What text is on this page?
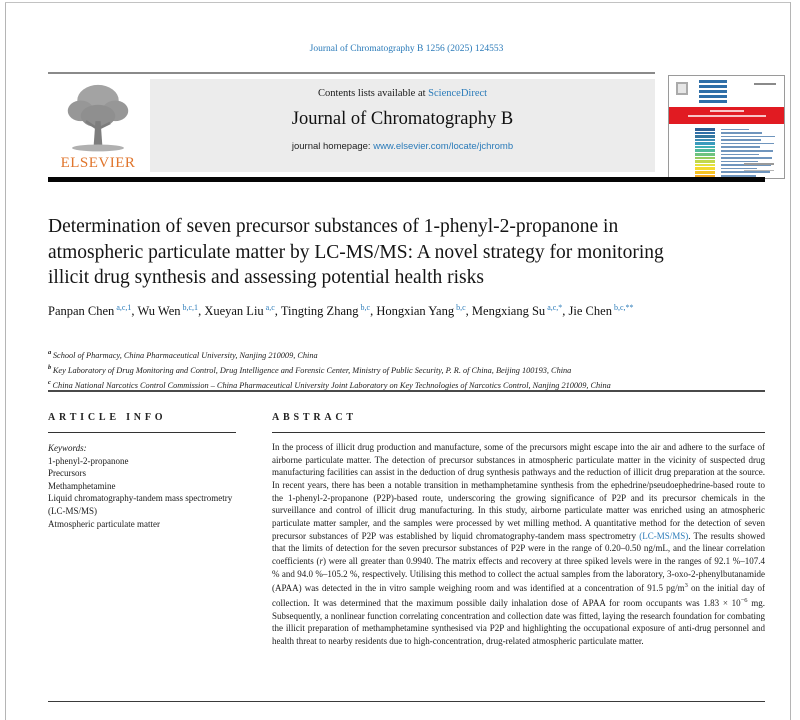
Journal of Chromatography B 1256 (2025) 124553
ELSEVIER
Contents lists available at ScienceDirect
Journal of Chromatography B
journal homepage: www.elsevier.com/locate/jchromb
Determination of seven precursor substances of 1-phenyl-2-propanone in atmospheric particulate matter by LC-MS/MS: A novel strategy for monitoring illicit drug synthesis and assessing potential health risks
Panpan Chen $^{a,c,1}$, Wu Wen $^{b,c,1}$, Xueyan Liu $^{a,c}$, Tingting Zhang $^{b,c}$, Hongxian Yang $^{b,c}$, Mengxiang Su $^{a,c,*}$, Jie Chen $^{b,c,**}$
$^a$ School of Pharmacy, China Pharmaceutical University, Nanjing 210009, China
$^b$ Key Laboratory of Drug Monitoring and Control, Drug Intelligence and Forensic Center, Ministry of Public Security, P. R. of China, Beijing 100193, China
$^c$ China National Narcotics Control Commission – China Pharmaceutical University Joint Laboratory on Key Technologies of Narcotics Control, Nanjing 210009, China
ARTICLE INFO
Keywords:
1-phenyl-2-propanone
Precursors
Methamphetamine
Liquid chromatography-tandem mass spectrometry (LC-MS/MS)
Atmospheric particulate matter
ABSTRACT
In the process of illicit drug production and manufacture, some of the precursors might escape into the air and adhere to the surface of airborne particulate matter. The detection of precursor substances in atmospheric particulate matter in the vicinity of suspected drug manufacturing facilities can assist in the deduction of drug synthesis pathways and the reduction of illicit drug preparation at the source. In recent years, there has been a notable transition in methamphetamine synthesis from the ephedrine/pseudoephedrine-based route to the 1-phenyl-2-propanone (P2P)-based route, underscoring the growing significance of P2P and its precursor chemicals in the surveillance and control of illicit drug manufacturing. In this study, airborne particulate matter was enriched using an atmospheric particulate matter sampler, and the samples were processed by wet milling method. A quantitative method for the detection of seven precursor substances of P2P was established by liquid chromatography-tandem mass spectrometry (LC-MS/MS). The results showed that the limits of detection for the seven precursor substances of P2P were in the range of 0.20–0.50 ng/mL, and the linear correlation coefficients (r) were all greater than 0.9940. The matrix effects and recovery at three spiked levels were in the ranges of 92.1 %–107.4 % and 94.0 %–105.2 %, respectively. Utilising this method to collect the actual samples from the laboratory, 3-oxo-2-phenylbutanamide (APAA) was detected in the in vitro sample weighing room and was identified at a concentration of 91.5 $pg/m^3$ on the initial day of collection. It was determined that the maximum possible daily inhalation dose of APAA for room occupants was $1.83 \times 10^{-6}$ mg. Subsequently, a nonlinear function correlating concentration and collection date was fitted, laying the research foundation for combating the illicit preparation of methamphetamine synthesised via P2P and highlighting the occupational exposure of anti-drug personnel and health threat to nearby residents due to high-concentration, drug-related atmospheric particulate matter.
